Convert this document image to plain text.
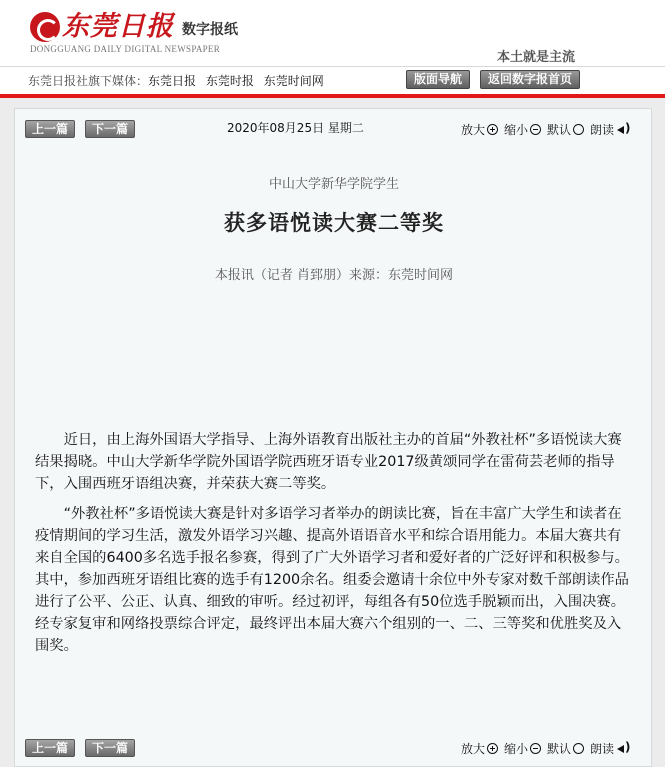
东莞日报 数字报纸
DONGGUANG DAILY DIGITAL NEWSPAPER
本土就是主流
东莞日报社旗下媒体：东莞日报 东莞时报 东莞时间网	版面导航	返回数字报首页
上一篇	下一篇	2020年08月25日 星期二	放大 缩小 默认 朗读
)
中山大学新华学院学生
获多语悦读大赛二等奖
本报讯（记者 肖郅朋）来源：东莞时间网

近日，由上海外国语大学指导、上海外语教育出版社主办的首届“外教社杯”多语悦读大赛结果揭晓。中山大学新华学院外国语学院西班牙语专业2017级黄颂同学在雷荷芸老师的指导下，入围西班牙语组决赛，并荣获大赛二等奖。

“外教社杯”多语悦读大赛是针对多语学习者举办的朗读比赛，旨在丰富广大学生和读者在疫情期间的学习生活，激发外语学习兴趣、提高外语语音水平和综合语用能力。本届大赛共有来自全国的6400多名选手报名参赛，得到了广大外语学习者和爱好者的广泛好评和积极参与。其中，参加西班牙语组比赛的选手有1200余名。组委会邀请十余位中外专家对数千部朗读作品进行了公平、公正、认真、细致的审听。经过初评，每组各有50位选手脱颖而出，入围决赛。经专家复审和网络投票综合评定，最终评出本届大赛六个组别的一、二、三等奖和优胜奖及入围奖。

上一篇	下一篇	放大 缩小 默认 朗读
)
